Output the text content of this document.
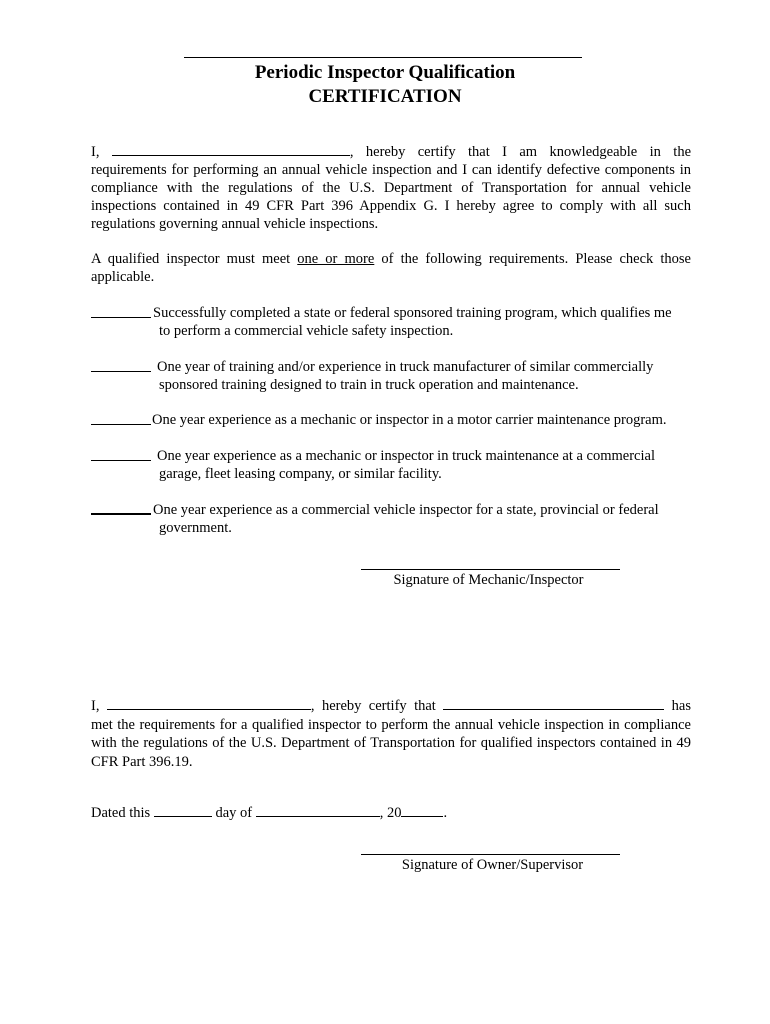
Periodic Inspector Qualification
CERTIFICATION
I,	, hereby certify that I am knowledgeable in the requirements for performing an annual vehicle inspection and I can identify defective components in compliance with the regulations of the U.S. Department of Transportation for annual vehicle inspections contained in 49 CFR Part 396 Appendix G. I hereby agree to comply with all such regulations governing annual vehicle inspections.
A qualified inspector must meet one or more of the following requirements. Please check those applicable.
Successfully completed a state or federal sponsored training program, which qualifies me
to perform a commercial vehicle safety inspection.
One year of training and/or experience in truck manufacturer of similar commercially
sponsored training designed to train in truck operation and maintenance.
One year experience as a mechanic or inspector in a motor carrier maintenance program.
One year experience as a mechanic or inspector in truck maintenance at a commercial
garage, fleet leasing company, or similar facility.
One year experience as a commercial vehicle inspector for a state, provincial or federal
government.
Signature of Mechanic/Inspector
I,	, hereby certify that	has met the requirements for a qualified inspector to perform the annual vehicle inspection in compliance with the regulations of the U.S. Department of Transportation for qualified inspectors contained in 49 CFR Part 396.19.
Dated this	day of	, 20	.
Signature of Owner/Supervisor
